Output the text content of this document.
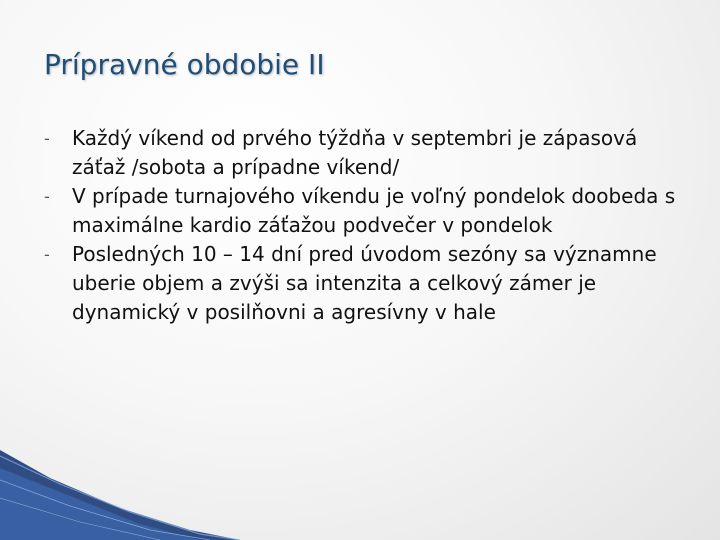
Prípravné obdobie II
-	Každý víkend od prvého týždňa v septembri je zápasová záťaž /sobota a prípadne víkend/
-	V prípade turnajového víkendu je voľný pondelok doobeda s maximálne kardio záťažou podvečer v pondelok
-	Posledných 10 – 14 dní pred úvodom sezóny sa významne uberie objem a zvýši sa intenzita a celkový zámer je dynamický v posilňovni a agresívny v hale
